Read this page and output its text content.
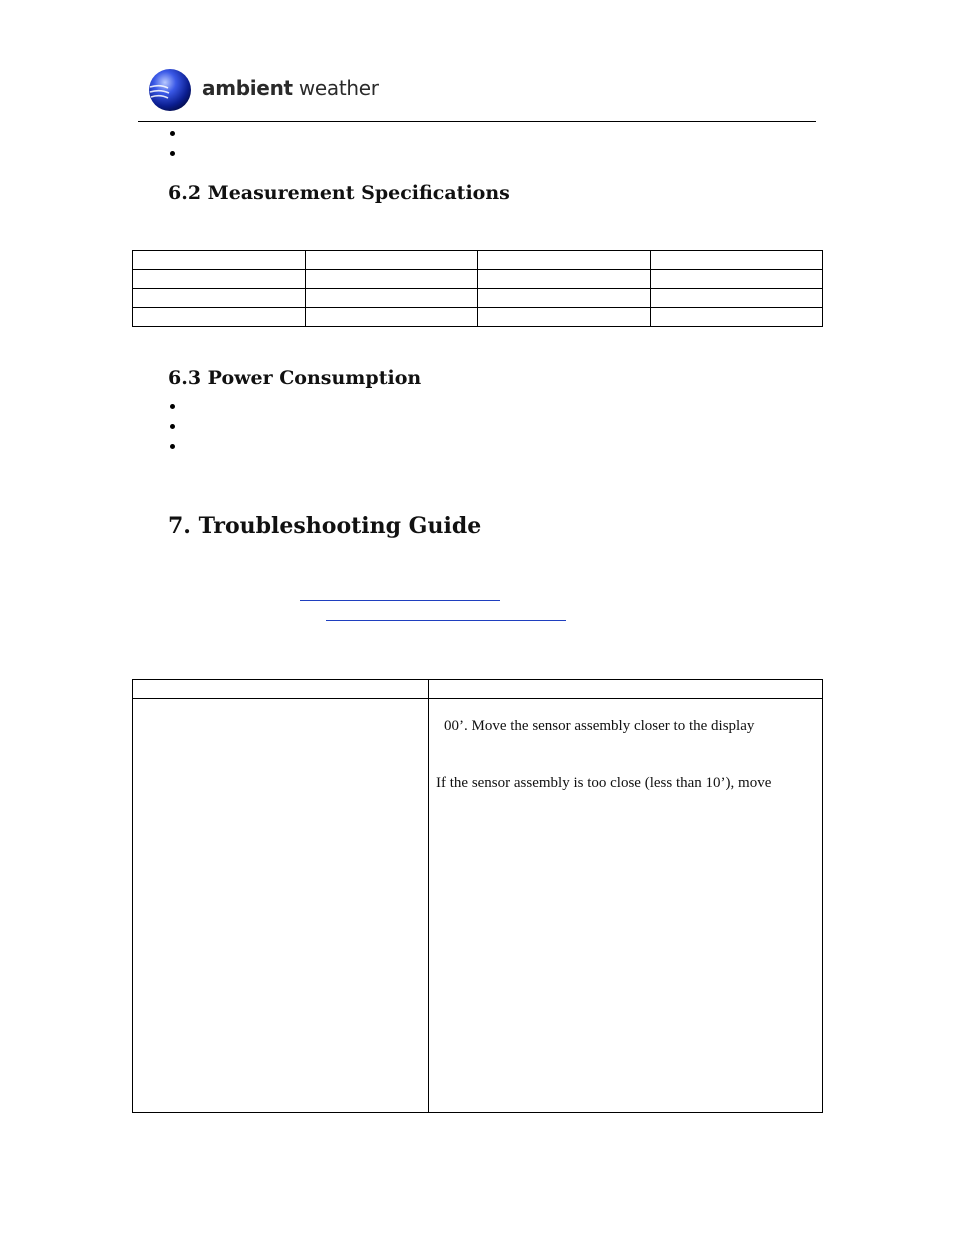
ambient weather
6.2 Measurement Specifications

6.3 Power Consumption
7. Troubleshooting Guide

	00’. Move the sensor assembly closer to the display
If the sensor assembly is too close (less than 10’), move
